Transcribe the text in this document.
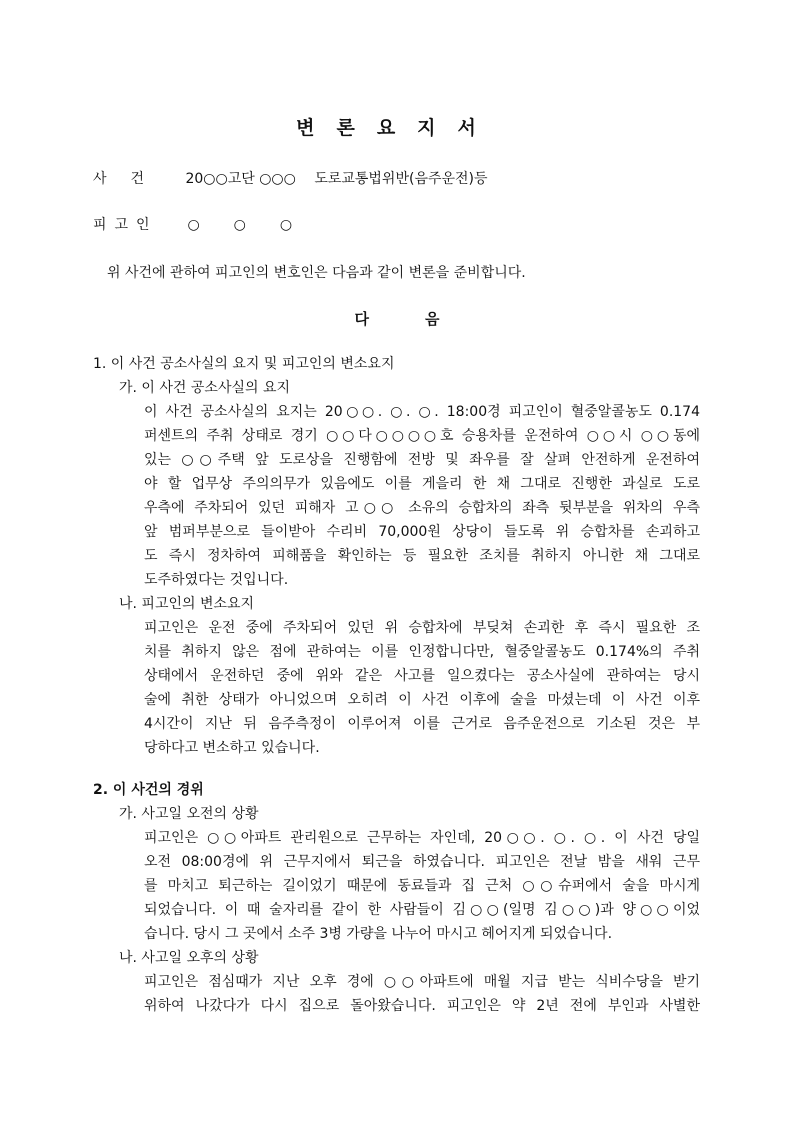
변론요지서
사건 20○○고단 ○○○ 도로교통법위반(음주운전)등
피고인 ○○○
위 사건에 관하여 피고인의 변호인은 다음과 같이 변론을 준비합니다.
다음
1. 이 사건 공소사실의 요지 및 피고인의 변소요지
가. 이 사건 공소사실의 요지
이 사건 공소사실의 요지는 20○○. ○. ○. 18:00경 피고인이 혈중알콜농도 0.174
퍼센트의 주취 상태로 경기 ○○다○○○○호 승용차를 운전하여 ○○시 ○○동에
있는 ○○주택 앞 도로상을 진행함에 전방 및 좌우를 잘 살펴 안전하게 운전하여
야 할 업무상 주의의무가 있음에도 이를 게을리 한 채 그대로 진행한 과실로 도로
우측에 주차되어 있던 피해자 고○○ 소유의 승합차의 좌측 뒷부분을 위차의 우측
앞 범퍼부분으로 들이받아 수리비 70,000원 상당이 들도록 위 승합차를 손괴하고
도 즉시 정차하여 피해품을 확인하는 등 필요한 조치를 취하지 아니한 채 그대로
도주하였다는 것입니다.
나. 피고인의 변소요지
피고인은 운전 중에 주차되어 있던 위 승합차에 부딪쳐 손괴한 후 즉시 필요한 조
치를 취하지 않은 점에 관하여는 이를 인정합니다만, 혈중알콜농도 0.174%의 주취
상태에서 운전하던 중에 위와 같은 사고를 일으켰다는 공소사실에 관하여는 당시
술에 취한 상태가 아니었으며 오히려 이 사건 이후에 술을 마셨는데 이 사건 이후
4시간이 지난 뒤 음주측정이 이루어져 이를 근거로 음주운전으로 기소된 것은 부
당하다고 변소하고 있습니다.
2. 이 사건의 경위
가. 사고일 오전의 상황
피고인은 ○○아파트 관리원으로 근무하는 자인데, 20○○. ○. ○. 이 사건 당일
오전 08:00경에 위 근무지에서 퇴근을 하였습니다. 피고인은 전날 밤을 새워 근무
를 마치고 퇴근하는 길이었기 때문에 동료들과 집 근처 ○○슈퍼에서 술을 마시게
되었습니다. 이 때 술자리를 같이 한 사람들이 김○○(일명 김○○)과 양○○이었
습니다. 당시 그 곳에서 소주 3병 가량을 나누어 마시고 헤어지게 되었습니다.
나. 사고일 오후의 상황
피고인은 점심때가 지난 오후 경에 ○○아파트에 매월 지급 받는 식비수당을 받기
위하여 나갔다가 다시 집으로 돌아왔습니다. 피고인은 약 2년 전에 부인과 사별한
